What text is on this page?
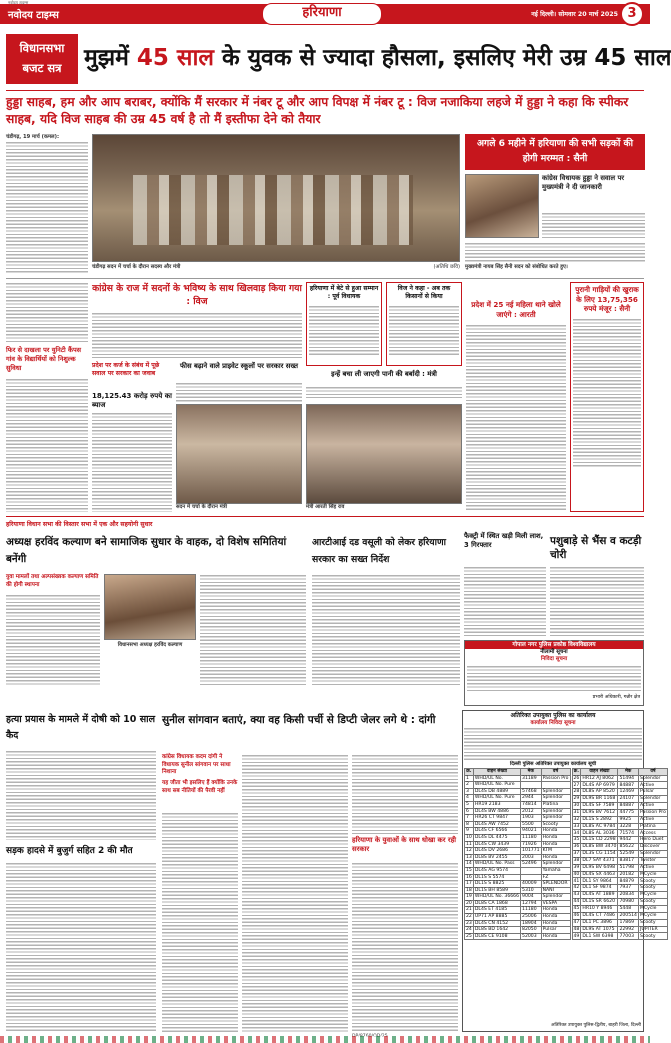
नवोदय टाइम्स
नवोदय टाइम्स
हरियाणा	नई दिल्ली। सोमवार 20 मार्च 2025 3
विधानसभा
बजट सत्र मुझमें 45 साल के युवक से ज्यादा हौसला, इसलिए मेरी उम्र 45 साल
हुड्डा साहब, हम और आप बराबर, क्योंकि मैं सरकार में नंबर टू और आप विपक्ष में नंबर टू : विज नजाकिया लहजे में हुड्डा ने कहा कि स्पीकर साहब, यदि विज साहब की उम्र 45 वर्ष है तो मैं इस्तीफा देने को तैयार
चंडीगढ़, 19 मार्च (कमल):
चंडीगढ़ सदन में चर्चा के दौरान सदस्य और मंत्री	(अतिथि छवि)
अगले 6 महीने में हरियाणा की सभी सड़कों की होगी मरम्मत : सैनी
कांग्रेस विधायक हुड्डा ने सवाल पर मुख्यमंत्री ने दी जानकारी
मुख्यमंत्री नायब सिंह सैनी सदन को संबोधित करते हुए।
फिर से दाखला पर युनिटी कैंपस गांव के विद्यार्थियों को निशुल्क सुविधा
कांग्रेस के राज में सदनों के भविष्य के साथ खिलवाड़ किया गया : विज
हरियाणा में बेटे से हुआ सम्मान : पूर्व विधायक
विज ने कहा - अब तक किसानों से किया
प्रदेश पर कर्ज के संबंध में पूछे सवाल पर सरकार का जवाब
18,125.43 करोड़ रुपये का ब्याज
फीस बढ़ाने वाले प्राइवेट स्कूलों पर सरकार सख्त
सदन में चर्चा के दौरान मंत्री
इन्हें बचा ली जाएगी पानी की बर्बादी : मंत्री
मंत्री आरती सिंह राव
प्रदेश में 25 नई महिला थाने खोले जाएंगे : आरती
पुरानी गाड़ियों की खुराक के लिए 13,75,356 रुपये मंजूर : सैनी
हरियाणा विधान सभा की विस्तार सभा में एक और सहयोगी सुधार
अध्यक्ष हरविंद कल्याण बने सामाजिक सुधार के वाहक, दो विशेष समितियां बनेंगी
युवा मामलों तथा अल्पसंख्यक कल्याण समिति की होगी स्थापना
विधानसभा अध्यक्ष हरविंद कल्याण
आरटीआई दड वसूली को लेकर हरियाणा सरकार का सख्त निर्देश
फैक्ट्री में स्थित खड़ी मिली लाश, 3 गिरफ्तार	पशुबाड़े से भैंस व कटड़ी चोरी
गोपाल नगर पुलिस प्रकोष्ठ विश्वविद्यालय
नीलामी सूचना
निविदा सूचना
प्रभारी अधिकारी, गन्नौर क्षेत्र
हत्या प्रयास के मामले में दोषी को 10 साल कैद
सड़क हादसे में बुजुर्ग सहित 2 की मौत
सुनील सांगवान बताएं, क्या वह किसी पर्ची से डिप्टी जेलर लगे थे : दांगी
कांग्रेस विधायक कदम दांगी ने विधायक सुनील सांगवान पर साधा निशाना
यह जीता भी इसलिए हैं क्योंकि उनके साथ सब नीतियों की पैरवी नहीं
हरियाणा के युवाओं के साथ धोखा कर रही सरकार
अतिरिक्त उपायुक्त पुलिस का कार्यालय
कार्यालय निविदा सूचना
दिल्ली पुलिस अतिरिक्त उपायुक्त कार्यालय सूची
क्र.	वाहन संख्या	मेक	वर्ष
1	WHD/UL No.	31189	Passion Pro
2	WHD/UL No. Pure		
3	DL4S DB 4889	57468	Splendor
4	WHD/UL No. Pure	2944	Splendor
5	HR19 2183	74814	Platina
6	DL4S BW 4886	2012	Splendor
7	HR26 CT 9847	1903	Splendor
8	DL4S AW 7452	5500	Scooty
9	DL4S CF 6566	94021	Honda
10	DL4S DL 4475	11180	Honda
11	DL4S CW 3439	71926	Honda
12	DL4S DV 2686	101771	KTM
13	DL8S BV 2455	2003	Honda
14	WHD/UL No. Pass	52496	Splendor
15	DL4S AG 9574		Yamaha
16	DL1S S 5574		FZ
17	DL1S S 8825	40009	SPLENDOR
18	DL1S BH 8589	5310	NANI
19	WHD/UL No. 36666	9004	Splendor
20	DL8S CA 1868	12794	VESPA
21	DL4S ET 4185	11180	Honda
22	UP71 AP 8885	25006	Honda
23	DL4S CN 4152	18904	Honda
24	DL8S BD 1642	82050	Pulsar
25	DL8S CE 9108	52003	Honda
क्र.	वाहन संख्या	मेक	वर्ष
26	HR12 AJ 8062	51494	Splendor
27	DL4S AP 6979	84887	Active
28	DL8S AP 8520	12469	Pulsar
29	DL9S BR 1168	24107	Splendor
30	DL4S SF 7589	84887	Active
31	DL9S BV 7612	44775	Passion Pro
32	DL1S S 2892	9925	Active
33	DL8S AC 9784	3228	Platina
34	DL8S AL 3036	71574	Access
35	DL1S CD 2298	9442	Hero Duet
36	DL8S BW 3470	85622	Discover
37	DL3S CG 1154	52549	Splendor
38	DL7 SAY 4371	83817	Twister
39	DL9S BV 6498	51798	Active
40	DL4S SX 4463	20182	MCycle
41	DL1 SY 9864	84879	Scooty
42	DL1 SF 9874	7937	Scooty
43	DL4S AT 1889	20834	MCycle
44	DL1S SR 6620	70980	Scooty
45	HR10 Y 8946	5448	MCycle
46	DL4S CT 7486	200514	MCycle
47	DL1 PC 3896	17869	Scooty
48	DL9S AT 1075	22992	JUPITER
49	DL1 SW 6398	77003	Scooty
अतिरिक्त उपायुक्त पुलिस-द्वितीय, बाहरी जिला, दिल्ली
